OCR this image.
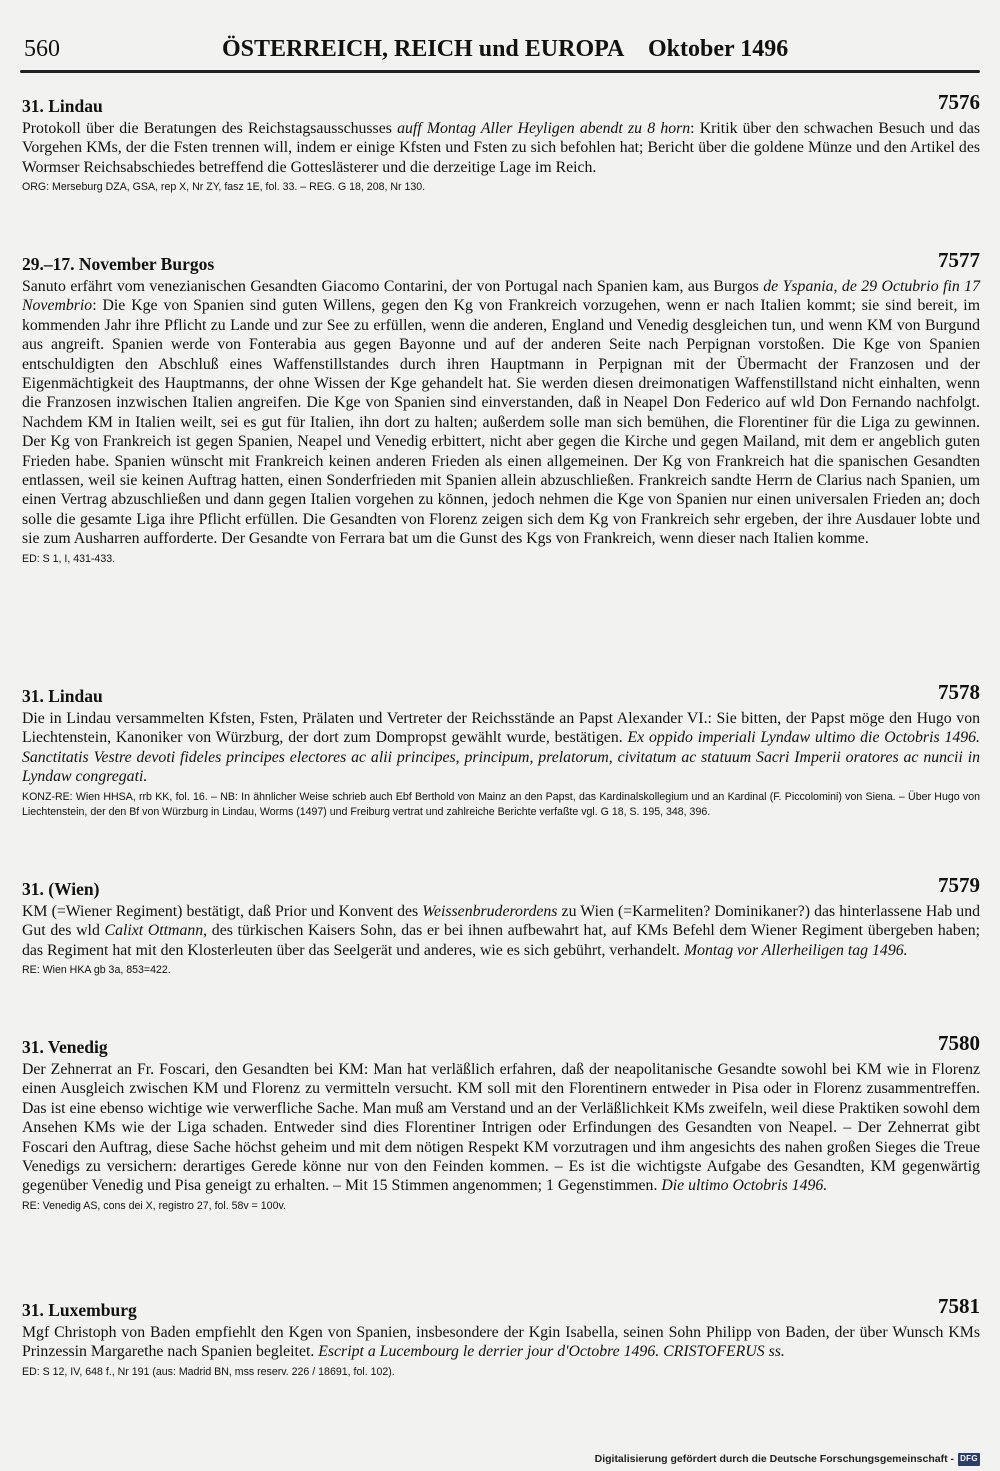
560	ÖSTERREICH, REICH und EUROPA Oktober 1496
31. Lindau	7576
Protokoll über die Beratungen des Reichstagsausschusses auff Montag Aller Heyligen abendt zu 8 horn: Kritik über den schwachen Besuch und das Vorgehen KMs, der die Fsten trennen will, indem er einige Kfsten und Fsten zu sich befohlen hat; Bericht über die goldene Münze und den Artikel des Wormser Reichsabschiedes betreffend die Gotteslästerer und die derzeitige Lage im Reich.
ORG: Merseburg DZA, GSA, rep X, Nr ZY, fasz 1E, fol. 33. – REG. G 18, 208, Nr 130.
29.–17. November Burgos	7577
Sanuto erfährt vom venezianischen Gesandten Giacomo Contarini, der von Portugal nach Spanien kam, aus Burgos de Yspania, de 29 Octubrio fin 17 Novembrio: Die Kge von Spanien sind guten Willens, gegen den Kg von Frankreich vorzugehen, wenn er nach Italien kommt; sie sind bereit, im kommenden Jahr ihre Pflicht zu Lande und zur See zu erfüllen, wenn die anderen, England und Venedig desgleichen tun, und wenn KM von Burgund aus angreift. Spanien werde von Fonterabia aus gegen Bayonne und auf der anderen Seite nach Perpignan vorstoßen. Die Kge von Spanien entschuldigten den Abschluß eines Waffenstillstandes durch ihren Hauptmann in Perpignan mit der Übermacht der Franzosen und der Eigenmächtigkeit des Hauptmanns, der ohne Wissen der Kge gehandelt hat. Sie werden diesen dreimonatigen Waffenstillstand nicht einhalten, wenn die Franzosen inzwischen Italien angreifen. Die Kge von Spanien sind einverstanden, daß in Neapel Don Federico auf wld Don Fernando nachfolgt. Nachdem KM in Italien weilt, sei es gut für Italien, ihn dort zu halten; außerdem solle man sich bemühen, die Florentiner für die Liga zu gewinnen. Der Kg von Frankreich ist gegen Spanien, Neapel und Venedig erbittert, nicht aber gegen die Kirche und gegen Mailand, mit dem er angeblich guten Frieden habe. Spanien wünscht mit Frankreich keinen anderen Frieden als einen allgemeinen. Der Kg von Frankreich hat die spanischen Gesandten entlassen, weil sie keinen Auftrag hatten, einen Sonderfrieden mit Spanien allein abzuschließen. Frankreich sandte Herrn de Clarius nach Spanien, um einen Vertrag abzuschließen und dann gegen Italien vorgehen zu können, jedoch nehmen die Kge von Spanien nur einen universalen Frieden an; doch solle die gesamte Liga ihre Pflicht erfüllen. Die Gesandten von Florenz zeigen sich dem Kg von Frankreich sehr ergeben, der ihre Ausdauer lobte und sie zum Ausharren aufforderte. Der Gesandte von Ferrara bat um die Gunst des Kgs von Frankreich, wenn dieser nach Italien komme.
ED: S 1, I, 431-433.
31. Lindau	7578
Die in Lindau versammelten Kfsten, Fsten, Prälaten und Vertreter der Reichsstände an Papst Alexander VI.: Sie bitten, der Papst möge den Hugo von Liechtenstein, Kanoniker von Würzburg, der dort zum Dompropst gewählt wurde, bestätigen. Ex oppido imperiali Lyndaw ultimo die Octobris 1496. Sanctitatis Vestre devoti fideles principes electores ac alii principes, principum, prelatorum, civitatum ac statuum Sacri Imperii oratores ac nuncii in Lyndaw congregati.
KONZ-RE: Wien HHSA, rrb KK, fol. 16. – NB: In ähnlicher Weise schrieb auch Ebf Berthold von Mainz an den Papst, das Kardinalskollegium und an Kardinal (F. Piccolomini) von Siena. – Über Hugo von Liechtenstein, der den Bf von Würzburg in Lindau, Worms (1497) und Freiburg vertrat und zahlreiche Berichte verfaßte vgl. G 18, S. 195, 348, 396.
31. (Wien)	7579
KM (=Wiener Regiment) bestätigt, daß Prior und Konvent des Weissenbruderordens zu Wien (=Karmeliten? Dominikaner?) das hinterlassene Hab und Gut des wld Calixt Ottmann, des türkischen Kaisers Sohn, das er bei ihnen aufbewahrt hat, auf KMs Befehl dem Wiener Regiment übergeben haben; das Regiment hat mit den Klosterleuten über das Seelgerät und anderes, wie es sich gebührt, verhandelt. Montag vor Allerheiligen tag 1496.
RE: Wien HKA gb 3a, 853=422.
31. Venedig	7580
Der Zehnerrat an Fr. Foscari, den Gesandten bei KM: Man hat verläßlich erfahren, daß der neapolitanische Gesandte sowohl bei KM wie in Florenz einen Ausgleich zwischen KM und Florenz zu vermitteln versucht. KM soll mit den Florentinern entweder in Pisa oder in Florenz zusammentreffen. Das ist eine ebenso wichtige wie verwerfliche Sache. Man muß am Verstand und an der Verläßlichkeit KMs zweifeln, weil diese Praktiken sowohl dem Ansehen KMs wie der Liga schaden. Entweder sind dies Florentiner Intrigen oder Erfindungen des Gesandten von Neapel. – Der Zehnerrat gibt Foscari den Auftrag, diese Sache höchst geheim und mit dem nötigen Respekt KM vorzutragen und ihm angesichts des nahen großen Sieges die Treue Venedigs zu versichern: derartiges Gerede könne nur von den Feinden kommen. – Es ist die wichtigste Aufgabe des Gesandten, KM gegenwärtig gegenüber Venedig und Pisa geneigt zu erhalten. – Mit 15 Stimmen angenommen; 1 Gegenstimmen. Die ultimo Octobris 1496.
RE: Venedig AS, cons dei X, registro 27, fol. 58v = 100v.
31. Luxemburg	7581
Mgf Christoph von Baden empfiehlt den Kgen von Spanien, insbesondere der Kgin Isabella, seinen Sohn Philipp von Baden, der über Wunsch KMs Prinzessin Margarethe nach Spanien begleitet. Escript a Lucembourg le derrier jour d'Octobre 1496. CRISTOFERUS ss.
ED: S 12, IV, 648 f., Nr 191 (aus: Madrid BN, mss reserv. 226 / 18691, fol. 102).
Digitalisierung gefördert durch die Deutsche Forschungsgemeinschaft - DFG
